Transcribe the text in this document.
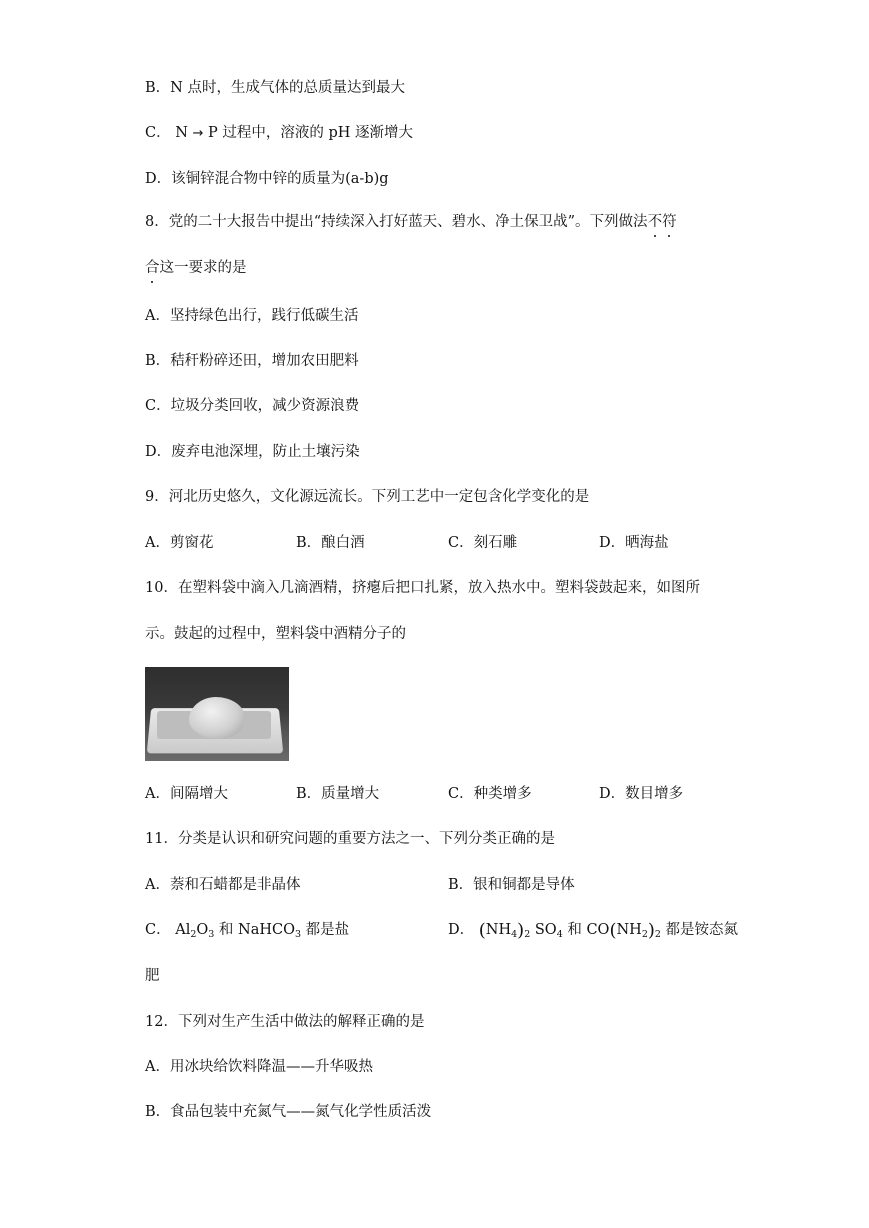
B．N 点时，生成气体的总质量达到最大
C． N → P 过程中，溶液的 pH 逐渐增大
D．该铜锌混合物中锌的质量为(a-b)g
8．党的二十大报告中提出“持续深入打好蓝天、碧水、净土保卫战”。下列做法不符
合这一要求的是
A．坚持绿色出行，践行低碳生活
B．秸秆粉碎还田，增加农田肥料
C．垃圾分类回收，减少资源浪费
D．废弃电池深埋，防止土壤污染
9．河北历史悠久，文化源远流长。下列工艺中一定包含化学变化的是
A．剪窗花	B．酿白酒	C．刻石雕	D．晒海盐
10．在塑料袋中滴入几滴酒精，挤瘪后把口扎紧，放入热水中。塑料袋鼓起来，如图所
示。鼓起的过程中，塑料袋中酒精分子的
A．间隔增大	B．质量增大	C．种类增多	D．数目增多
11．分类是认识和研究问题的重要方法之一、下列分类正确的是
A．萘和石蜡都是非晶体	B．银和铜都是导体
C． $Al_2O_3$ 和 NaHCO$_3$ 都是盐	D． $(NH_4)_2$ $SO_4$ 和 $CO(NH_2)_2$ 都是铵态氮
肥
12．下列对生产生活中做法的解释正确的是
A．用冰块给饮料降温——升华吸热
B．食品包装中充氮气——氮气化学性质活泼
